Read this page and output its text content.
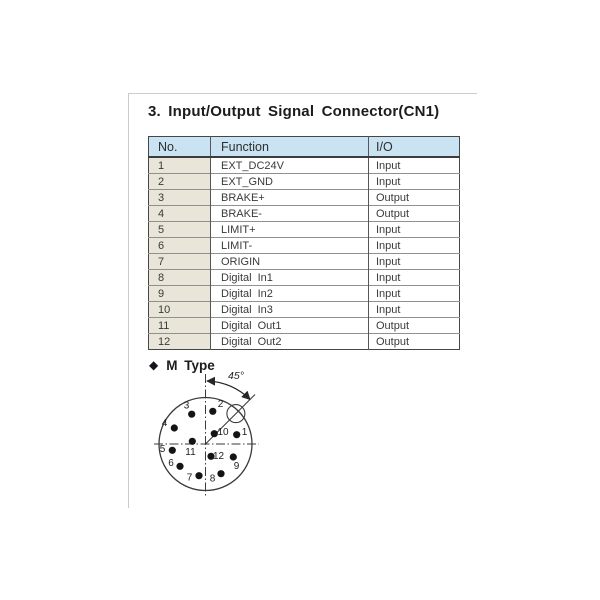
3. Input/Output Signal Connector(CN1)
No.	Function	I/O
1	EXT_DC24V	Input
2	EXT_GND	Input
3	BRAKE+	Output
4	BRAKE-	Output
5	LIMIT+	Input
6	LIMIT-	Input
7	ORIGIN	Input
8	Digital In1	Input
9	Digital In2	Input
10	Digital In3	Input
11	Digital Out1	Output
12	Digital Out2	Output
◆ M Type
45°
1
2
3
4
5
6
7 8
9
10
11 12
